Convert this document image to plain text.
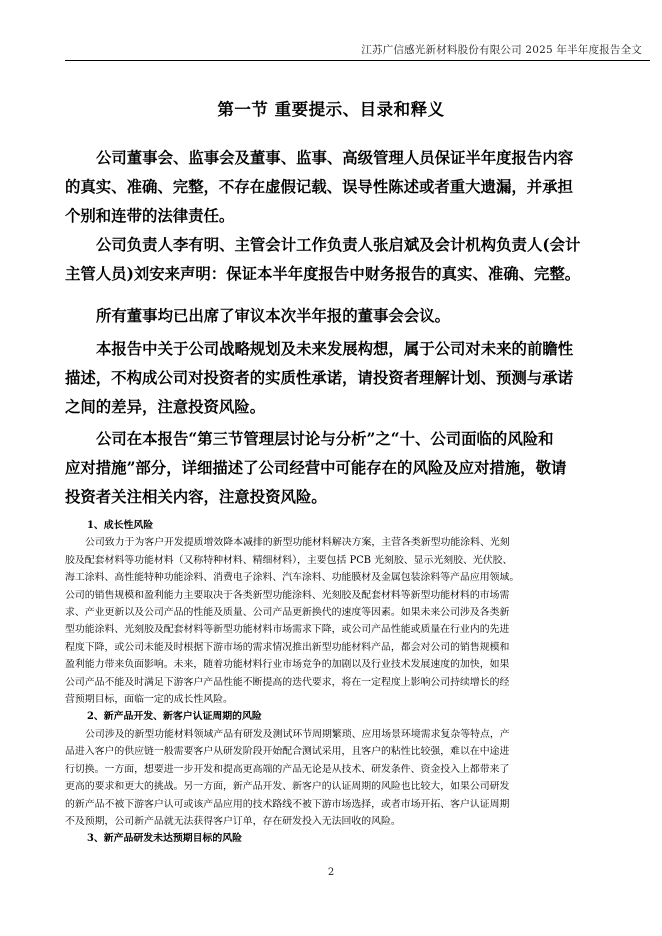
江苏广信感光新材料股份有限公司 2025 年半年度报告全文
第一节 重要提示、目录和释义
公司董事会、监事会及董事、监事、高级管理人员保证半年度报告内容
的真实、准确、完整，不存在虚假记载、误导性陈述或者重大遗漏，并承担
个别和连带的法律责任。
公司负责人李有明、主管会计工作负责人张启斌及会计机构负责人(会计
主管人员)刘安来声明：保证本半年度报告中财务报告的真实、准确、完整。
所有董事均已出席了审议本次半年报的董事会会议。
本报告中关于公司战略规划及未来发展构想，属于公司对未来的前瞻性
描述，不构成公司对投资者的实质性承诺，请投资者理解计划、预测与承诺
之间的差异，注意投资风险。
公司在本报告“第三节管理层讨论与分析”之“十、公司面临的风险和
应对措施”部分，详细描述了公司经营中可能存在的风险及应对措施，敬请
投资者关注相关内容，注意投资风险。
1、成长性风险
公司致力于为客户开发提质增效降本减排的新型功能材料解决方案，主营各类新型功能涂料、光刻
胶及配套材料等功能材料（又称特种材料、精细材料），主要包括 PCB 光刻胶、显示光刻胶、光伏胶、
海工涂料、高性能特种功能涂料、消费电子涂料、汽车涂料、功能膜材及金属包装涂料等产品应用领域。
公司的销售规模和盈利能力主要取决于各类新型功能涂料、光刻胶及配套材料等新型功能材料的市场需
求、产业更新以及公司产品的性能及质量、公司产品更新换代的速度等因素。如果未来公司涉及各类新
型功能涂料、光刻胶及配套材料等新型功能材料市场需求下降，或公司产品性能或质量在行业内的先进
程度下降，或公司未能及时根据下游市场的需求情况推出新型功能材料产品，都会对公司的销售规模和
盈利能力带来负面影响。未来，随着功能材料行业市场竞争的加剧以及行业技术发展速度的加快，如果
公司产品不能及时满足下游客户产品性能不断提高的迭代要求，将在一定程度上影响公司持续增长的经
营预期目标，面临一定的成长性风险。
2、新产品开发、新客户认证周期的风险
公司涉及的新型功能材料领域产品有研发及测试环节周期繁琐、应用场景环境需求复杂等特点，产
品进入客户的供应链一般需要客户从研发阶段开始配合测试采用，且客户的粘性比较强，难以在中途进
行切换。一方面，想要进一步开发和提高更高端的产品无论是从技术、研发条件、资金投入上都带来了
更高的要求和更大的挑战。另一方面，新产品开发、新客户的认证周期的风险也比较大，如果公司研发
的新产品不被下游客户认可或该产品应用的技术路线不被下游市场选择，或者市场开拓、客户认证周期
不及预期，公司新产品就无法获得客户订单，存在研发投入无法回收的风险。
3、新产品研发未达预期目标的风险
2
